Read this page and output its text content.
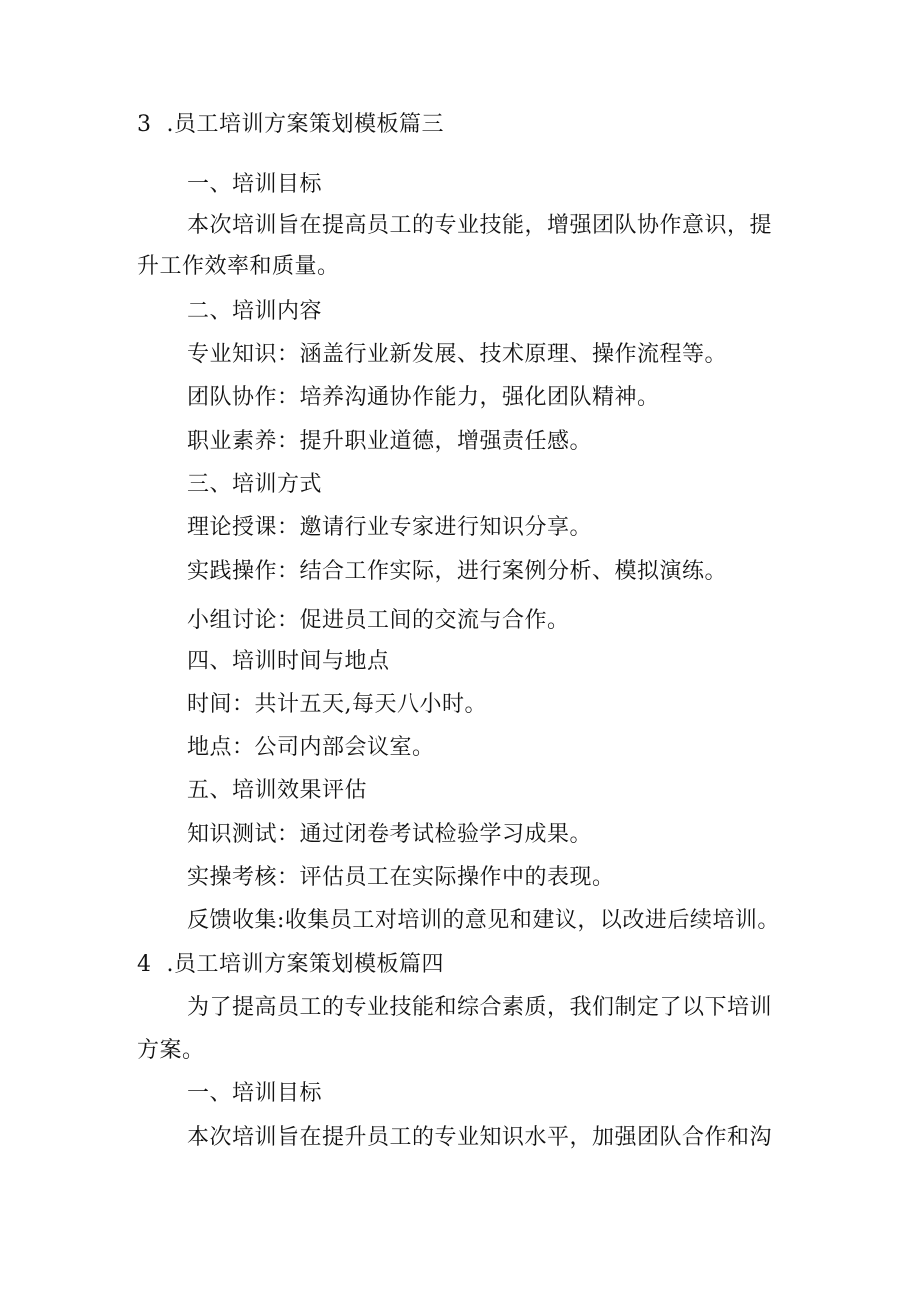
3  .员工培训方案策划模板篇三
一、培训目标
本次培训旨在提高员工的专业技能，增强团队协作意识，提
升工作效率和质量。
二、培训内容
专业知识：涵盖行业新发展、技术原理、操作流程等。
团队协作：培养沟通协作能力，强化团队精神。
职业素养：提升职业道德，增强责任感。
三、培训方式
理论授课：邀请行业专家进行知识分享。
实践操作：结合工作实际，进行案例分析、模拟演练。
小组讨论：促进员工间的交流与合作。
四、培训时间与地点
时间：共计五天,每天八小时。
地点：公司内部会议室。
五、培训效果评估
知识测试：通过闭卷考试检验学习成果。
实操考核：评估员工在实际操作中的表现。
反馈收集:收集员工对培训的意见和建议，以改进后续培训。
4  .员工培训方案策划模板篇四
为了提高员工的专业技能和综合素质，我们制定了以下培训
方案。
一、培训目标
本次培训旨在提升员工的专业知识水平，加强团队合作和沟
